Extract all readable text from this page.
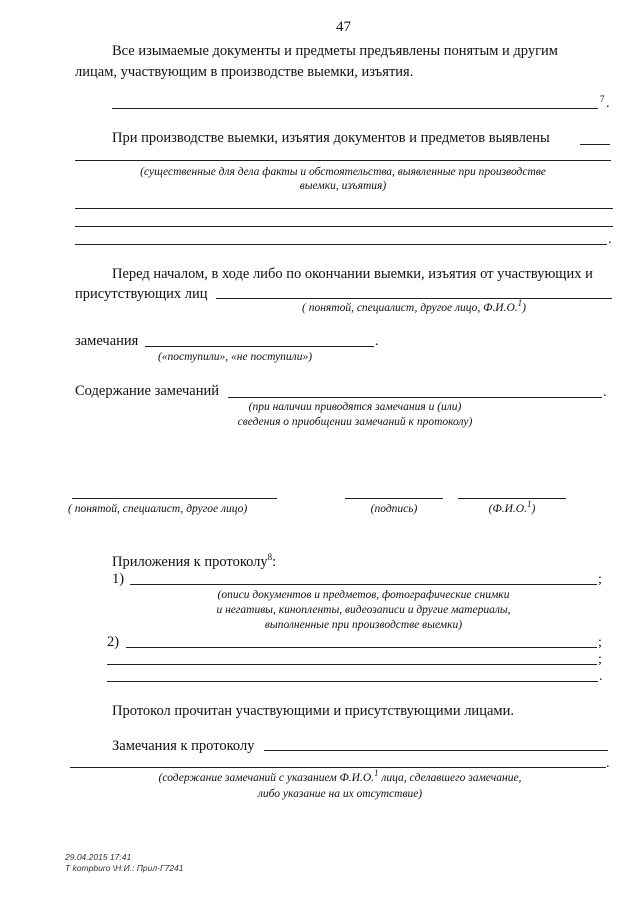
47
Все изымаемые документы и предметы предъявлены понятым и другим
лицам, участвующим в производстве выемки, изъятия.
7 .
При производстве выемки, изъятия документов и предметов выявлены
(существенные для дела факты и обстоятельства, выявленные при производстве
выемки, изъятия)
.
Перед началом, в ходе либо по окончании выемки, изъятия от участвующих и
присутствующих лиц
( понятой, специалист, другое лицо, Ф.И.О.$^1$)
замечания	.
(«поступили», «не поступили»)
Содержание замечаний	.
(при наличии приводятся замечания и (или)
сведения о приобщении замечаний к протоколу)
( понятой, специалист, другое лицо)	(подпись)	(Ф.И.О.$^1$)
Приложения к протоколу$^8$:
1)	;
(описи документов и предметов, фотографические снимки
и негативы, кинопленты, видеозаписи и другие материалы,
выполненные при производстве выемки)
2)	;
;
.
Протокол прочитан участвующими и присутствующими лицами.
Замечания к протоколу
.
(содержание замечаний с указанием Ф.И.О.$^1$ лица, сделавшего замечание,
либо указание на их отсутствие)
29.04.2015 17:41
Т kompburo \Н.И.: Прил-Г7241
